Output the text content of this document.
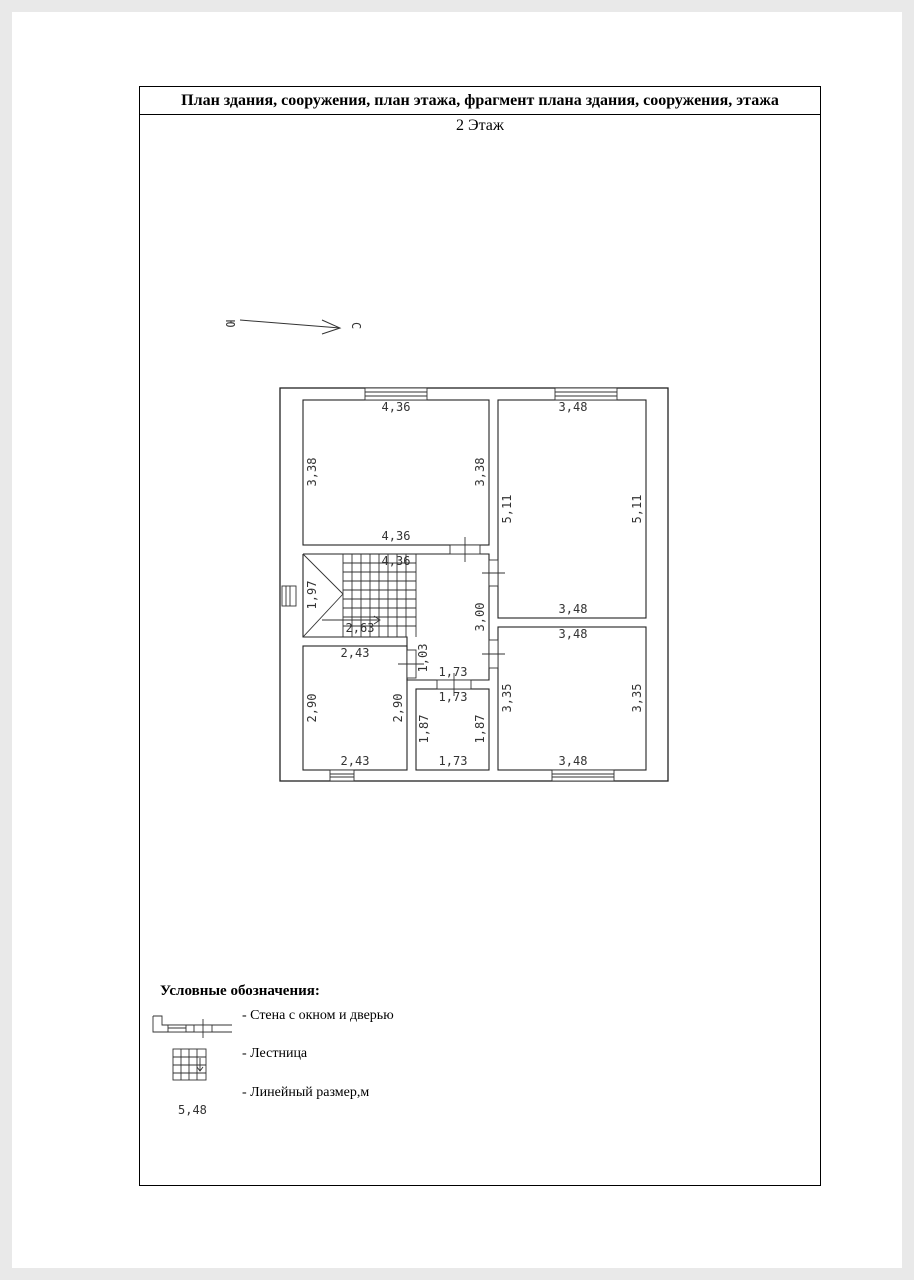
План здания, сооружения, план этажа, фрагмент плана здания, сооружения, этажа
2 Этаж
Ю	С
4,36
4,36
3,38	3,38
3,48
3,48
5,11	5,11
4,36
1,97
2,63	3,00
1,03 1,73
2,43
2,43
2,90	2,90	1,73
1,73
1,87	1,87
3,48
3,48
3,35	3,35
Условные обозначения:
- Стена с окном и дверью
- Лестница
- Линейный размер,м
5,48
